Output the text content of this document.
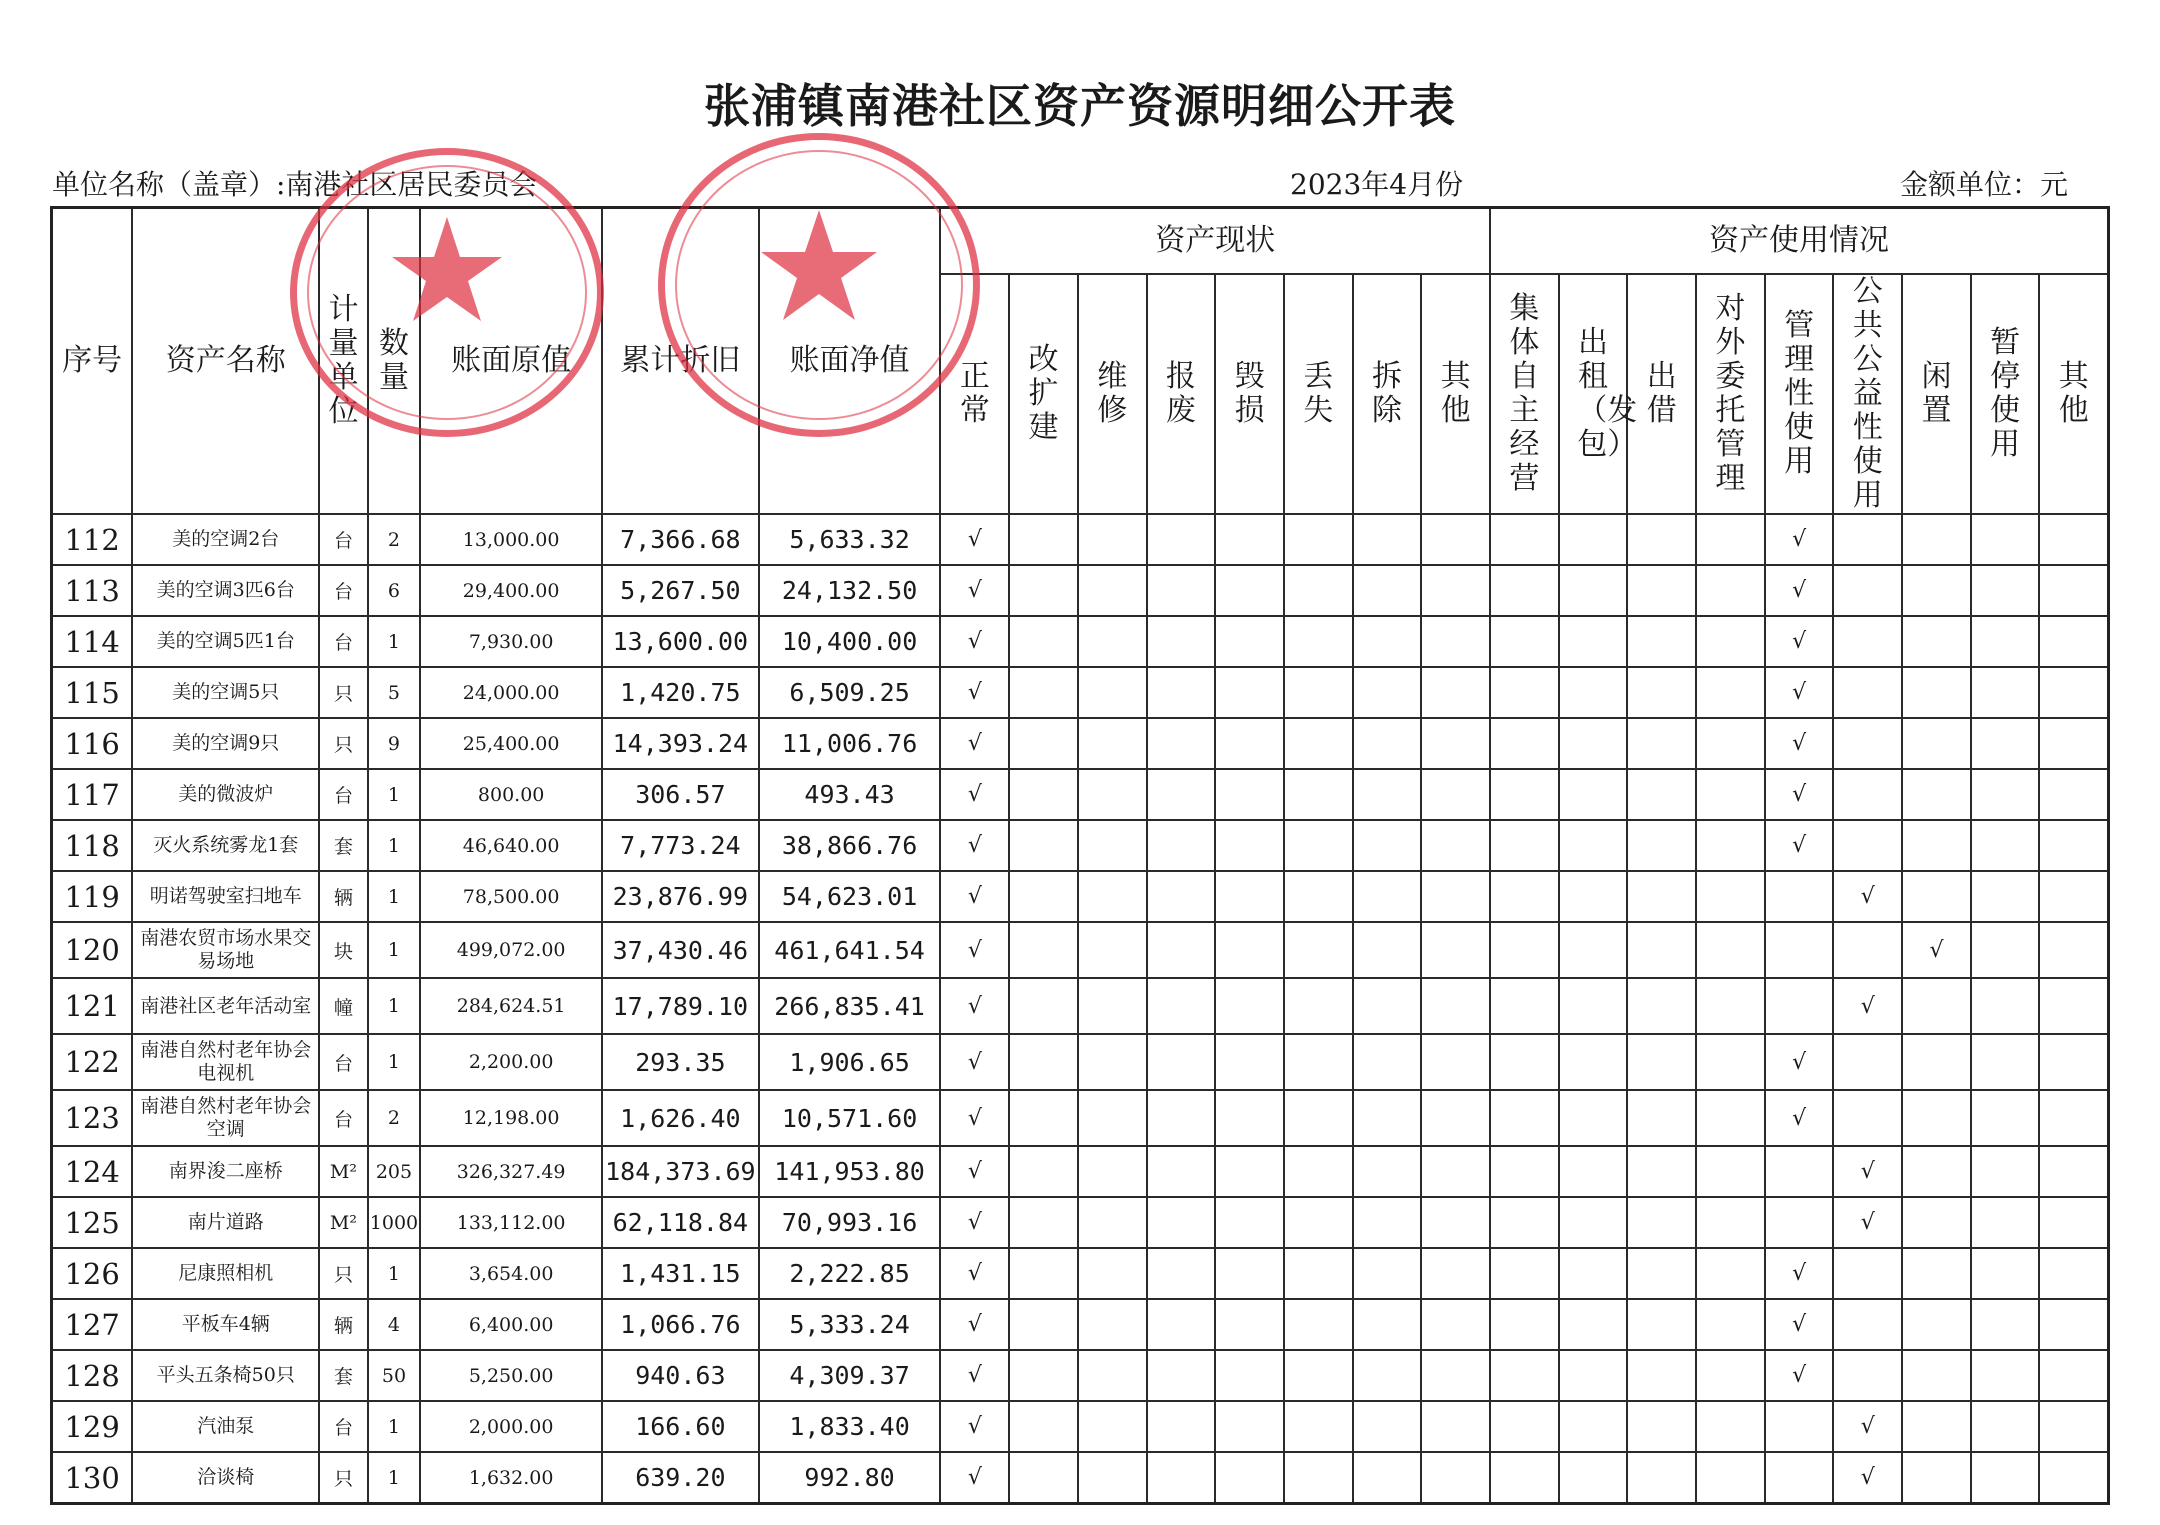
张浦镇南港社区资产资源明细公开表
单位名称（盖章）:南港社区居民委员会	2023年4月份	金额单位：元
序号	资产名称	计量单位	数量	账面原值	累计折旧	账面净值	资产现状								资产使用情况								
							正常	改扩建	维修	报废	毁损	丢失	拆除	其他	集体自主经营	出租（发包）	出借	对外委托管理	管理性使用	公共公益性使用	闲置	暂停使用	其他
112	美的空调2台	台	2	13,000.00	7,366.68	5,633.32	√												√				
113	美的空调3匹6台	台	6	29,400.00	5,267.50	24,132.50	√												√				
114	美的空调5匹1台	台	1	7,930.00	13,600.00	10,400.00	√												√				
115	美的空调5只	只	5	24,000.00	1,420.75	6,509.25	√												√				
116	美的空调9只	只	9	25,400.00	14,393.24	11,006.76	√												√				
117	美的微波炉	台	1	800.00	306.57	493.43	√												√				
118	灭火系统雾龙1套	套	1	46,640.00	7,773.24	38,866.76	√												√				
119	明诺驾驶室扫地车	辆	1	78,500.00	23,876.99	54,623.01	√													√			
120	南港农贸市场水果交易场地	块	1	499,072.00	37,430.46	461,641.54	√														√		
121	南港社区老年活动室	幢	1	284,624.51	17,789.10	266,835.41	√													√			
122	南港自然村老年协会电视机	台	1	2,200.00	293.35	1,906.65	√												√				
123	南港自然村老年协会空调	台	2	12,198.00	1,626.40	10,571.60	√												√				
124	南界浚二座桥	M²	205	326,327.49	184,373.69	141,953.80	√													√			
125	南片道路	M²	1000	133,112.00	62,118.84	70,993.16	√													√			
126	尼康照相机	只	1	3,654.00	1,431.15	2,222.85	√												√				
127	平板车4辆	辆	4	6,400.00	1,066.76	5,333.24	√												√				
128	平头五条椅50只	套	50	5,250.00	940.63	4,309.37	√												√				
129	汽油泵	台	1	2,000.00	166.60	1,833.40	√													√			
130	洽谈椅	只	1	1,632.00	639.20	992.80	√													√			
